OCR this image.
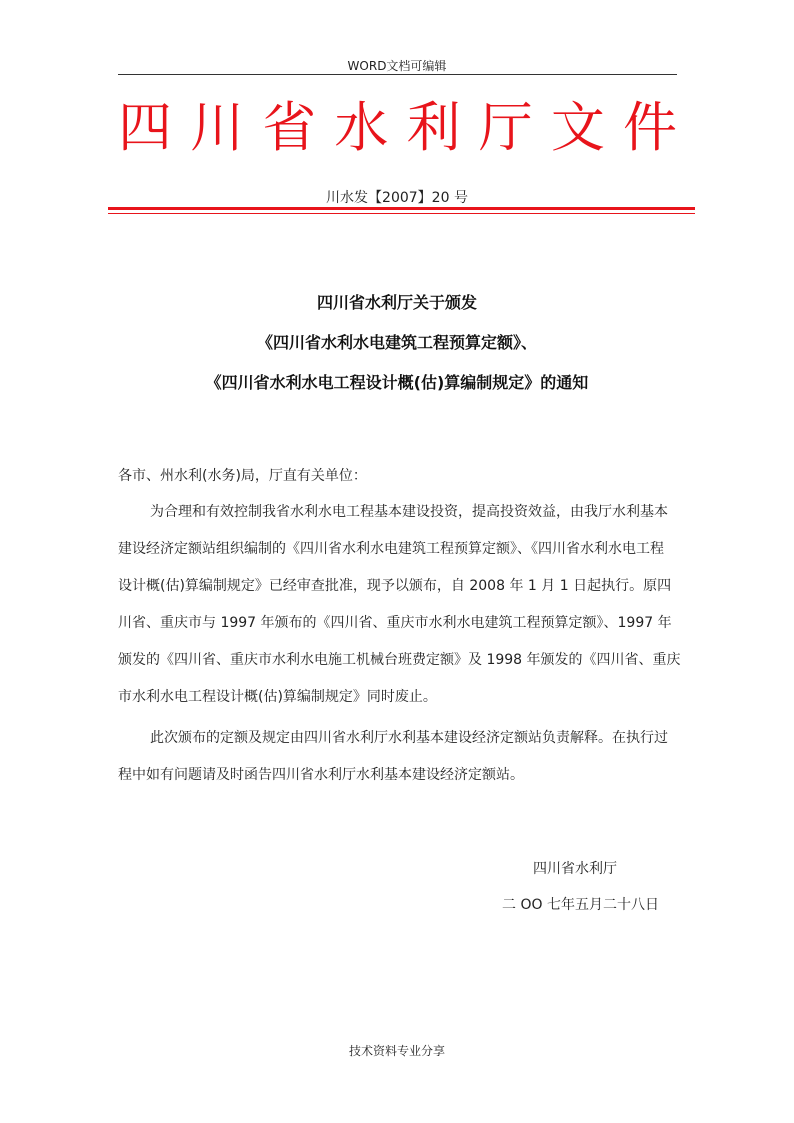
WORD文档可编辑
四 川 省 水 利 厅 文 件
川水发【2007】20 号
四川省水利厅关于颁发
《四川省水利水电建筑工程预算定额》、
《四川省水利水电工程设计概(估)算编制规定》的通知
各市、州水利(水务)局，厅直有关单位：
为合理和有效控制我省水利水电工程基本建设投资，提高投资效益，由我厅水利基本
建设经济定额站组织编制的《四川省水利水电建筑工程预算定额》、《四川省水利水电工程
设计概(估)算编制规定》已经审查批准，现予以颁布，自 2008 年 1 月 1 日起执行。原四
川省、重庆市与 1997 年颁布的《四川省、重庆市水利水电建筑工程预算定额》、1997 年
颁发的《四川省、重庆市水利水电施工机械台班费定额》及 1998 年颁发的《四川省、重庆
市水利水电工程设计概(估)算编制规定》同时废止。
此次颁布的定额及规定由四川省水利厅水利基本建设经济定额站负责解释。在执行过
程中如有问题请及时函告四川省水利厅水利基本建设经济定额站。
四川省水利厅
二 OO 七年五月二十八日
技术资料专业分享
